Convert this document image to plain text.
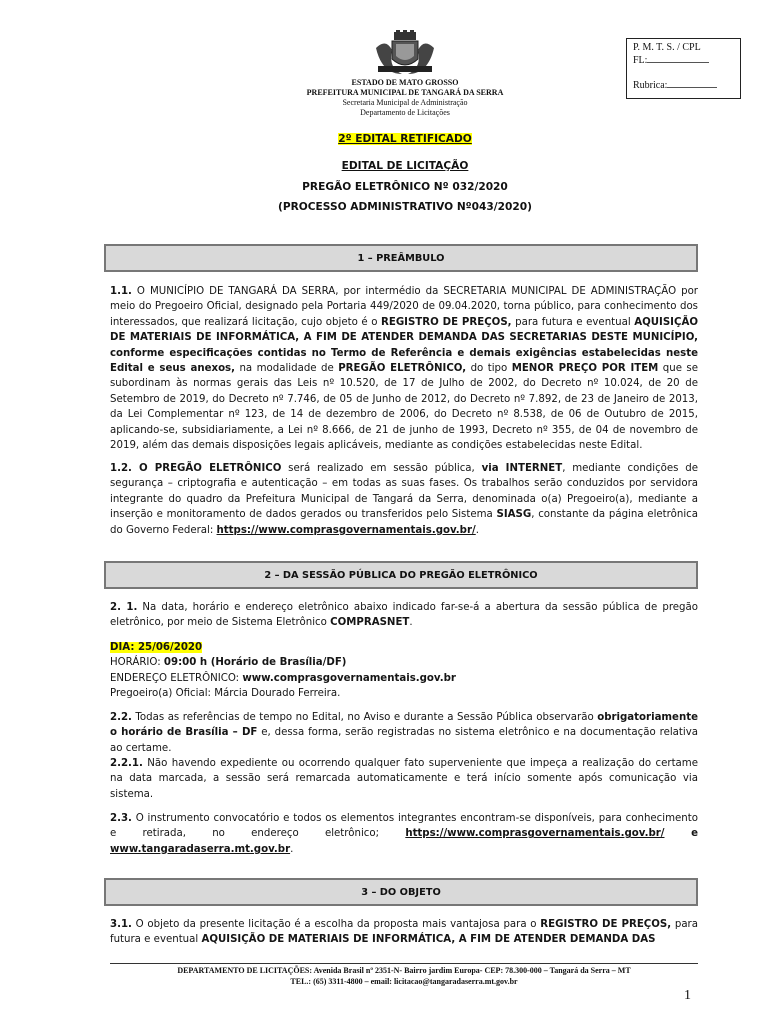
ESTADO DE MATO GROSSO
PREFEITURA MUNICIPAL DE TANGARÁ DA SERRA
Secretaria Municipal de Administração
Departamento de Licitações
P. M. T. S. / CPL
FL:
Rubrica:
2º EDITAL RETIFICADO
EDITAL DE LICITAÇÃO
PREGÃO ELETRÔNICO Nº 032/2020
(PROCESSO ADMINISTRATIVO Nº043/2020)
1 – PREÂMBULO
1.1. O MUNICÍPIO DE TANGARÁ DA SERRA, por intermédio da SECRETARIA MUNICIPAL DE ADMINISTRAÇÃO por meio do Pregoeiro Oficial, designado pela Portaria 449/2020 de 09.04.2020, torna público, para conhecimento dos interessados, que realizará licitação, cujo objeto é o REGISTRO DE PREÇOS, para futura e eventual AQUISIÇÃO DE MATERIAIS DE INFORMÁTICA, A FIM DE ATENDER DEMANDA DAS SECRETARIAS DESTE MUNICÍPIO, conforme especificações contidas no Termo de Referência e demais exigências estabelecidas neste Edital e seus anexos, na modalidade de PREGÃO ELETRÔNICO, do tipo MENOR PREÇO POR ITEM que se subordinam às normas gerais das Leis nº 10.520, de 17 de Julho de 2002, do Decreto nº 10.024, de 20 de Setembro de 2019, do Decreto nº 7.746, de 05 de Junho de 2012, do Decreto nº 7.892, de 23 de Janeiro de 2013, da Lei Complementar nº 123, de 14 de dezembro de 2006, do Decreto nº 8.538, de 06 de Outubro de 2015, aplicando-se, subsidiariamente, a Lei nº 8.666, de 21 de junho de 1993, Decreto nº 355, de 04 de novembro de 2019, além das demais disposições legais aplicáveis, mediante as condições estabelecidas neste Edital.
1.2. O PREGÃO ELETRÔNICO será realizado em sessão pública, via INTERNET, mediante condições de segurança – criptografia e autenticação – em todas as suas fases. Os trabalhos serão conduzidos por servidora integrante do quadro da Prefeitura Municipal de Tangará da Serra, denominada o(a) Pregoeiro(a), mediante a inserção e monitoramento de dados gerados ou transferidos pelo Sistema SIASG, constante da página eletrônica do Governo Federal: https://www.comprasgovernamentais.gov.br/.
2 – DA SESSÃO PÚBLICA DO PREGÃO ELETRÔNICO
2. 1. Na data, horário e endereço eletrônico abaixo indicado far-se-á a abertura da sessão pública de pregão eletrônico, por meio de Sistema Eletrônico COMPRASNET.
DIA: 25/06/2020
HORÁRIO: 09:00 h (Horário de Brasília/DF)
ENDEREÇO ELETRÔNICO: www.comprasgovernamentais.gov.br
Pregoeiro(a) Oficial: Márcia Dourado Ferreira.
2.2. Todas as referências de tempo no Edital, no Aviso e durante a Sessão Pública observarão obrigatoriamente o horário de Brasília – DF e, dessa forma, serão registradas no sistema eletrônico e na documentação relativa ao certame.
2.2.1. Não havendo expediente ou ocorrendo qualquer fato superveniente que impeça a realização do certame na data marcada, a sessão será remarcada automaticamente e terá início somente após comunicação via sistema.
2.3. O instrumento convocatório e todos os elementos integrantes encontram-se disponíveis, para conhecimento e retirada, no endereço eletrônico; https://www.comprasgovernamentais.gov.br/ e www.tangaradaserra.mt.gov.br.
3 – DO OBJETO
3.1. O objeto da presente licitação é a escolha da proposta mais vantajosa para o REGISTRO DE PREÇOS, para futura e eventual AQUISIÇÃO DE MATERIAIS DE INFORMÁTICA, A FIM DE ATENDER DEMANDA DAS
DEPARTAMENTO DE LICITAÇÕES: Avenida Brasil nº 2351-N- Bairro jardim Europa- CEP: 78.300-000 – Tangará da Serra – MT
TEL.: (65) 3311-4800 – email: licitacao@tangaradaserra.mt.gov.br
1
